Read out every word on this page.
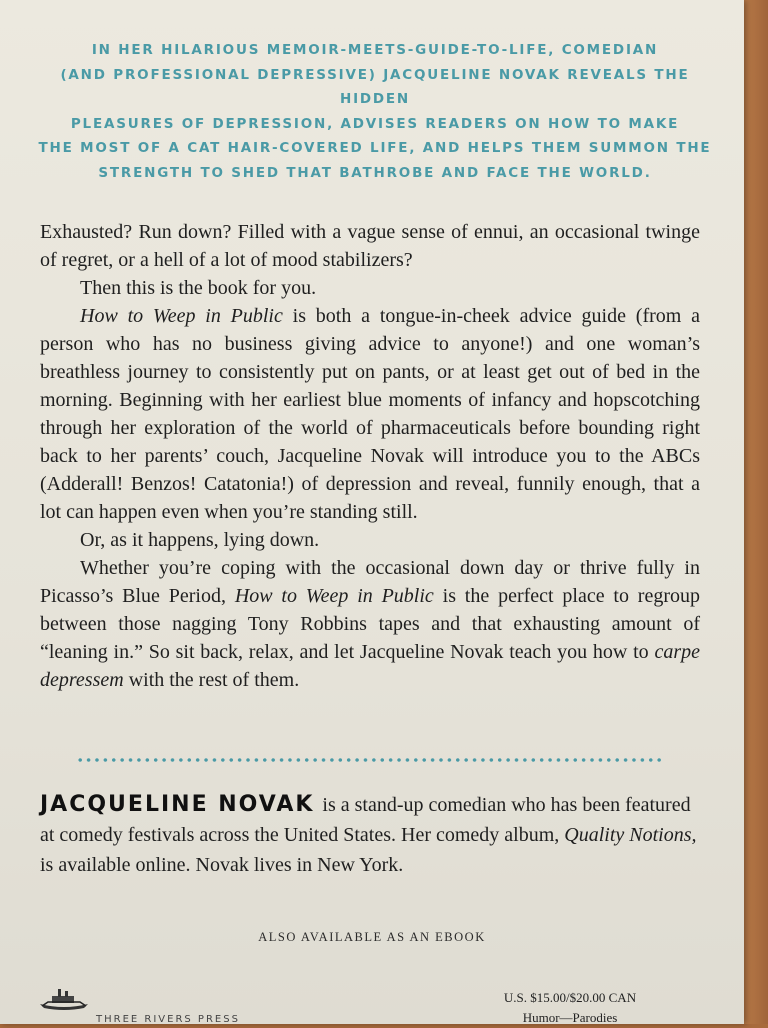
IN HER HILARIOUS MEMOIR-MEETS-GUIDE-TO-LIFE, COMEDIAN
(AND PROFESSIONAL DEPRESSIVE) JACQUELINE NOVAK REVEALS THE HIDDEN
PLEASURES OF DEPRESSION, ADVISES READERS ON HOW TO MAKE
THE MOST OF A CAT HAIR-COVERED LIFE, AND HELPS THEM SUMMON THE
STRENGTH TO SHED THAT BATHROBE AND FACE THE WORLD.

Exhausted? Run down? Filled with a vague sense of ennui, an occasional twinge of regret, or a hell of a lot of mood stabilizers?

Then this is the book for you.

How to Weep in Public is both a tongue-in-cheek advice guide (from a person who has no business giving advice to anyone!) and one woman’s breathless journey to consistently put on pants, or at least get out of bed in the morning. Beginning with her earliest blue moments of infancy and hopscotching through her exploration of the world of pharmaceuticals before bounding right back to her parents’ couch, Jacqueline Novak will introduce you to the ABCs (Adderall! Benzos! Catatonia!) of depression and reveal, funnily enough, that a lot can happen even when you’re standing still.

Or, as it happens, lying down.

Whether you’re coping with the occasional down day or thrive fully in Picasso’s Blue Period, How to Weep in Public is the perfect place to regroup between those nagging Tony Robbins tapes and that exhausting amount of “leaning in.” So sit back, relax, and let Jacqueline Novak teach you how to carpe depressem with the rest of them.

JACQUELINE NOVAK is a stand-up comedian who has been featured at comedy festivals across the United States. Her comedy album, Quality Notions, is available online. Novak lives in New York.
ALSO AVAILABLE AS AN EBOOK
U.S. $15.00/$20.00 CAN
Humor—Parodies
THREE RIVERS PRESS
